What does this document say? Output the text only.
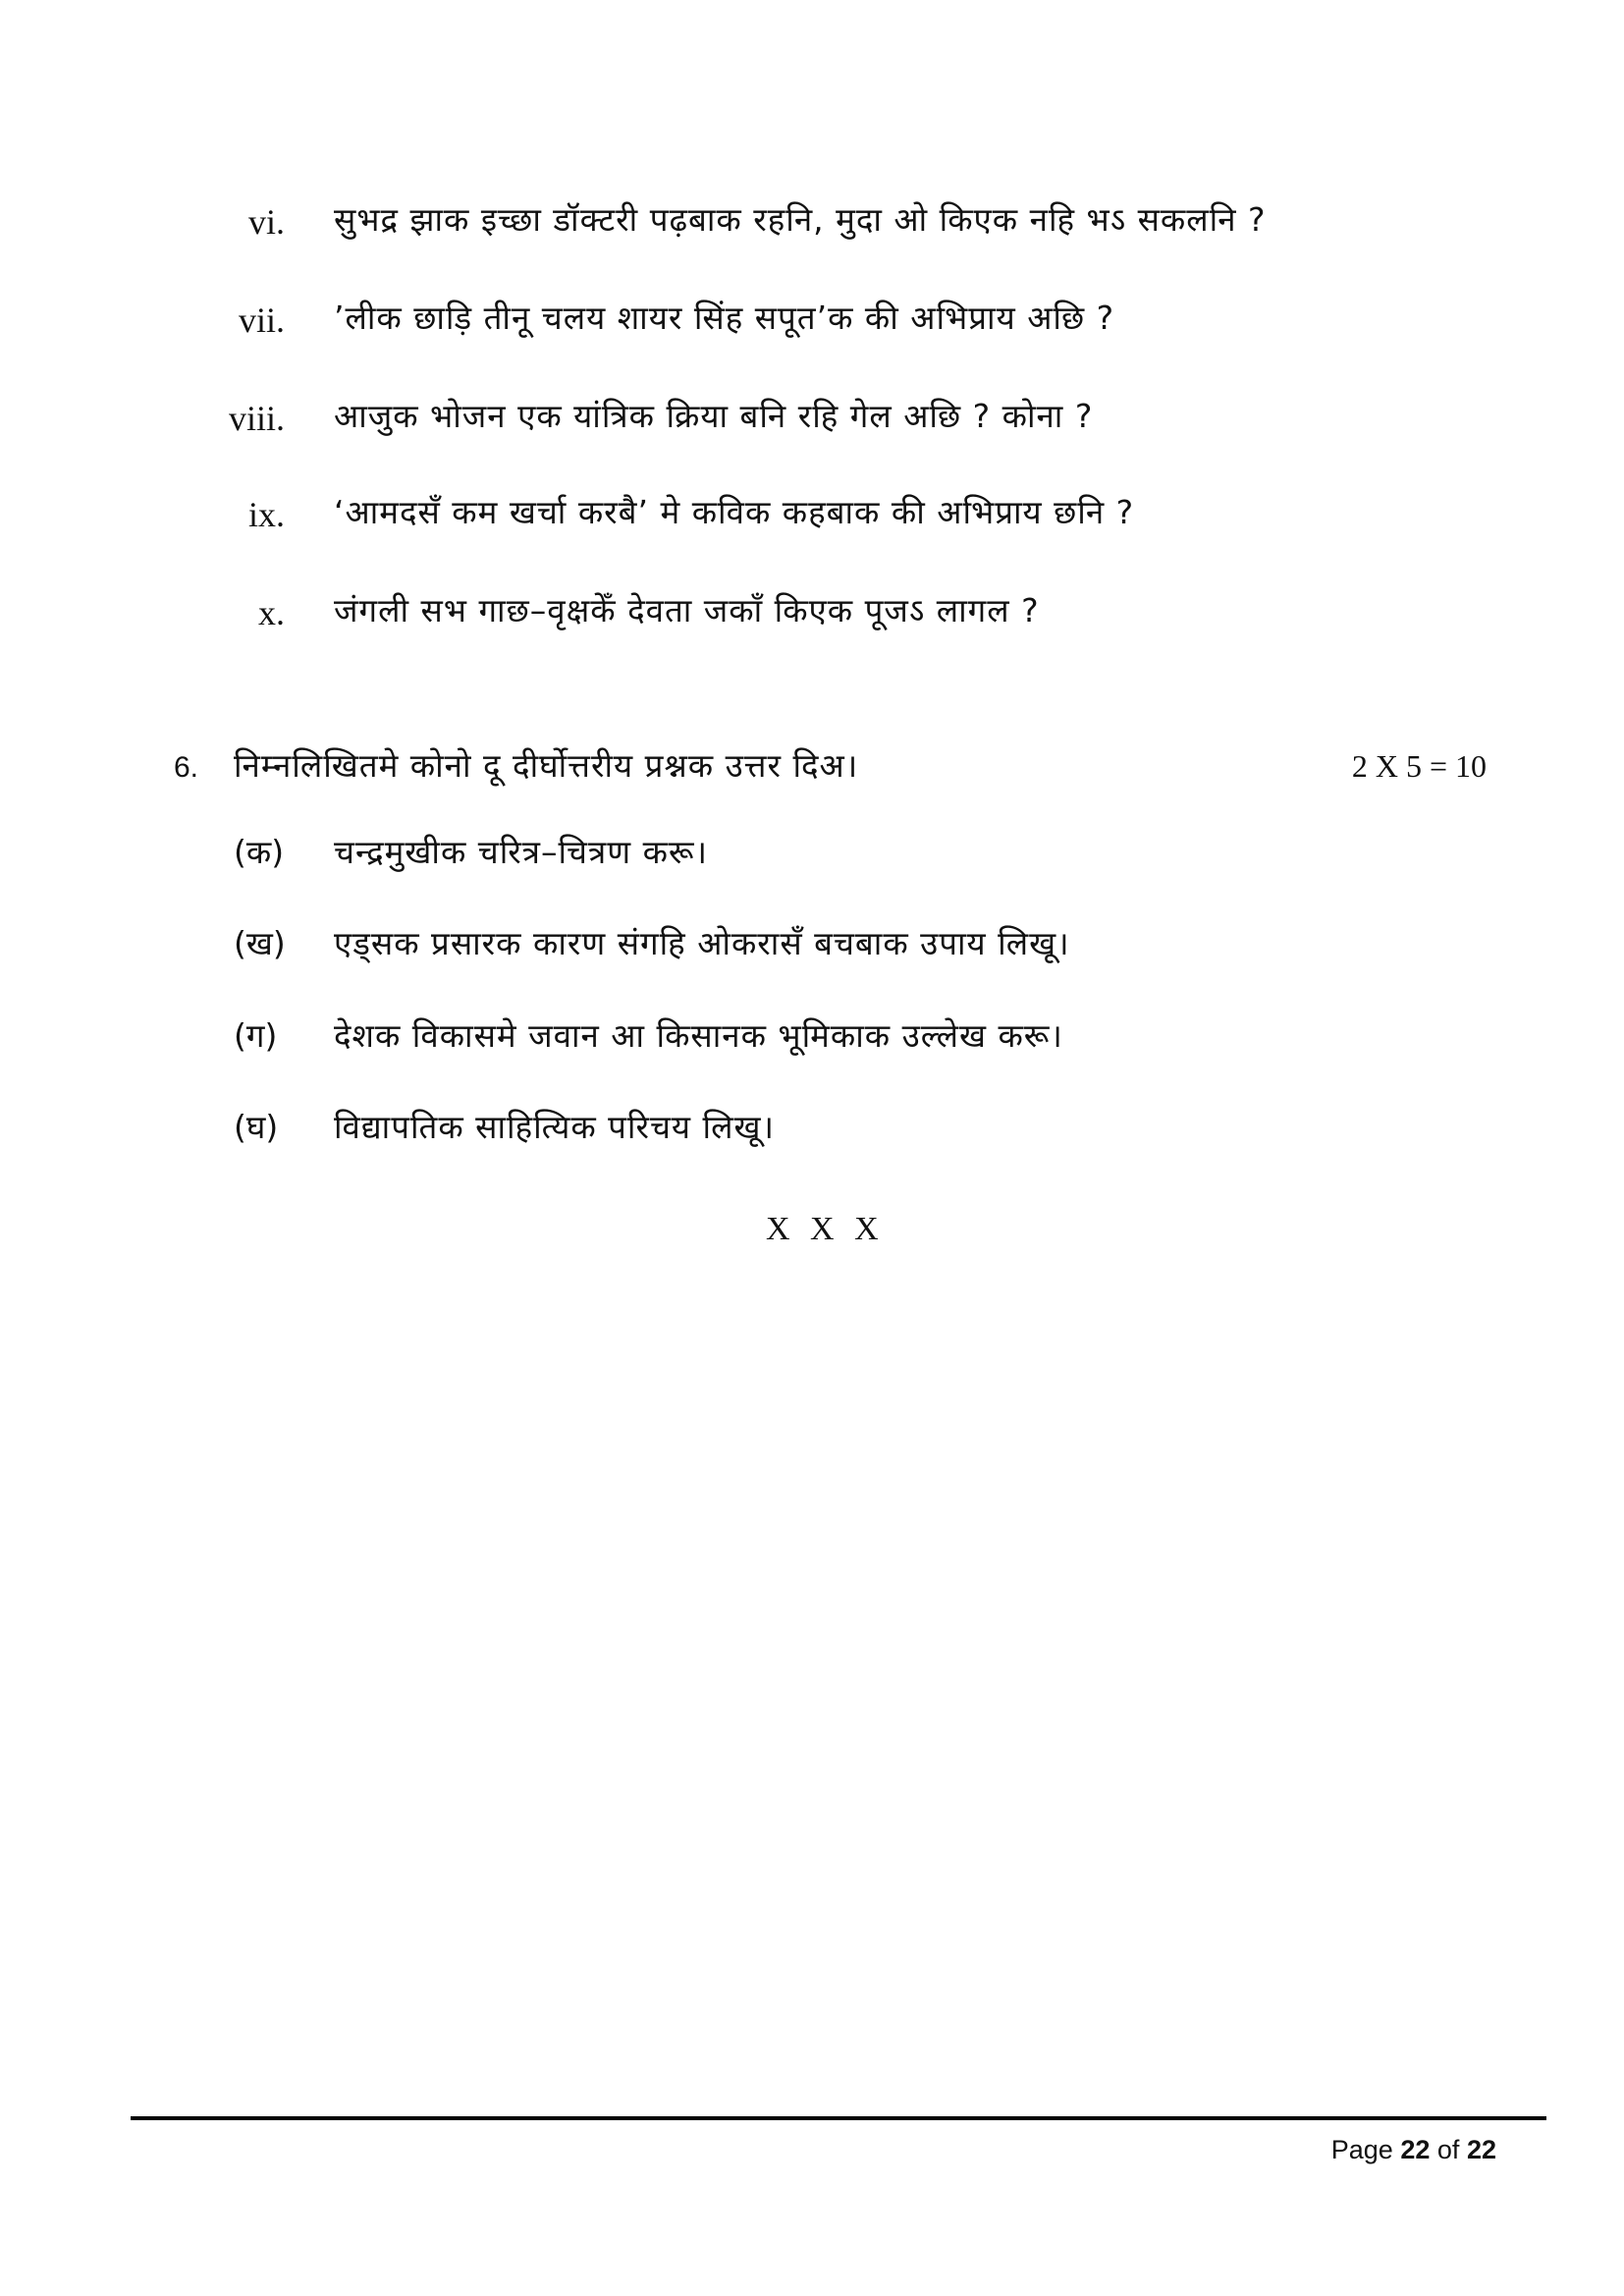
vi. सुभद्र झाक इच्छा डॉक्टरी पढ़बाक रहनि, मुदा ओ किएक नहि भऽ सकलनि ?
vii. ’लीक छाड़ि तीनू चलय शायर सिंह सपूत’क की अभिप्राय अछि ?
viii. आजुक भोजन एक यांत्रिक क्रिया बनि रहि गेल अछि ? कोना ?
ix. ‘आमदसँ कम खर्चा करबै’ मे कविक कहबाक की अभिप्राय छनि ?
x. जंगली सभ गाछ–वृक्षकेँ देवता जकाँ किएक पूजऽ लागल ?
6. निम्नलिखितमे कोनो दू दीर्घोत्तरीय प्रश्नक उत्तर दिअ।	2 X 5 = 10
(क) चन्द्रमुखीक चरित्र–चित्रण करू।
(ख) एड्सक प्रसारक कारण संगहि ओकरासँ बचबाक उपाय लिखू।
(ग) देशक विकासमे जवान आ किसानक भूमिकाक उल्लेख करू।
(घ) विद्यापतिक साहित्यिक परिचय लिखू।
X X X
Page 22 of 22
